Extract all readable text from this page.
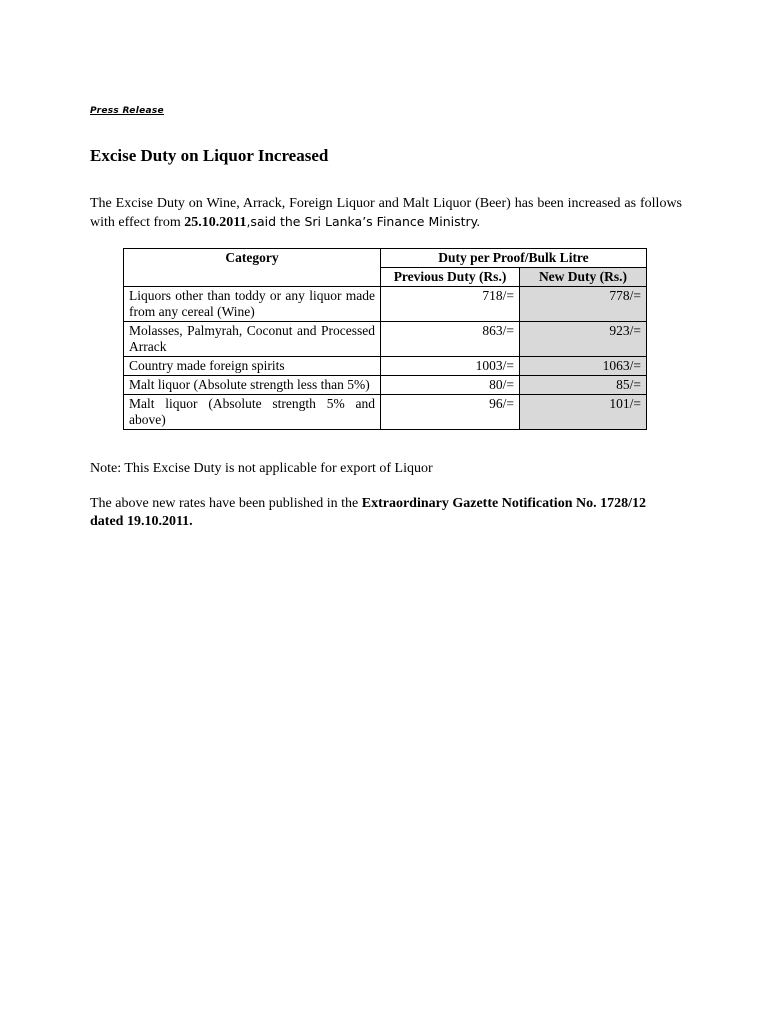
Press Release
Excise Duty on Liquor Increased

The Excise Duty on Wine, Arrack, Foreign Liquor and Malt Liquor (Beer) has been increased as follows with effect from 25.10.2011,said the Sri Lanka’s Finance Ministry.

Category	Duty per Proof/Bulk Litre	
	Previous Duty (Rs.)	New Duty (Rs.)
Liquors other than toddy or any liquor made from any cereal (Wine)	718/=	778/=
Molasses, Palmyrah, Coconut and Processed Arrack	863/=	923/=
Country made foreign spirits	1003/=	1063/=
Malt liquor (Absolute strength less than 5%)	80/=	85/=
Malt liquor (Absolute strength 5% and above)	96/=	101/=

Note: This Excise Duty is not applicable for export of Liquor

The above new rates have been published in the Extraordinary Gazette Notification No. 1728/12 dated 19.10.2011.
